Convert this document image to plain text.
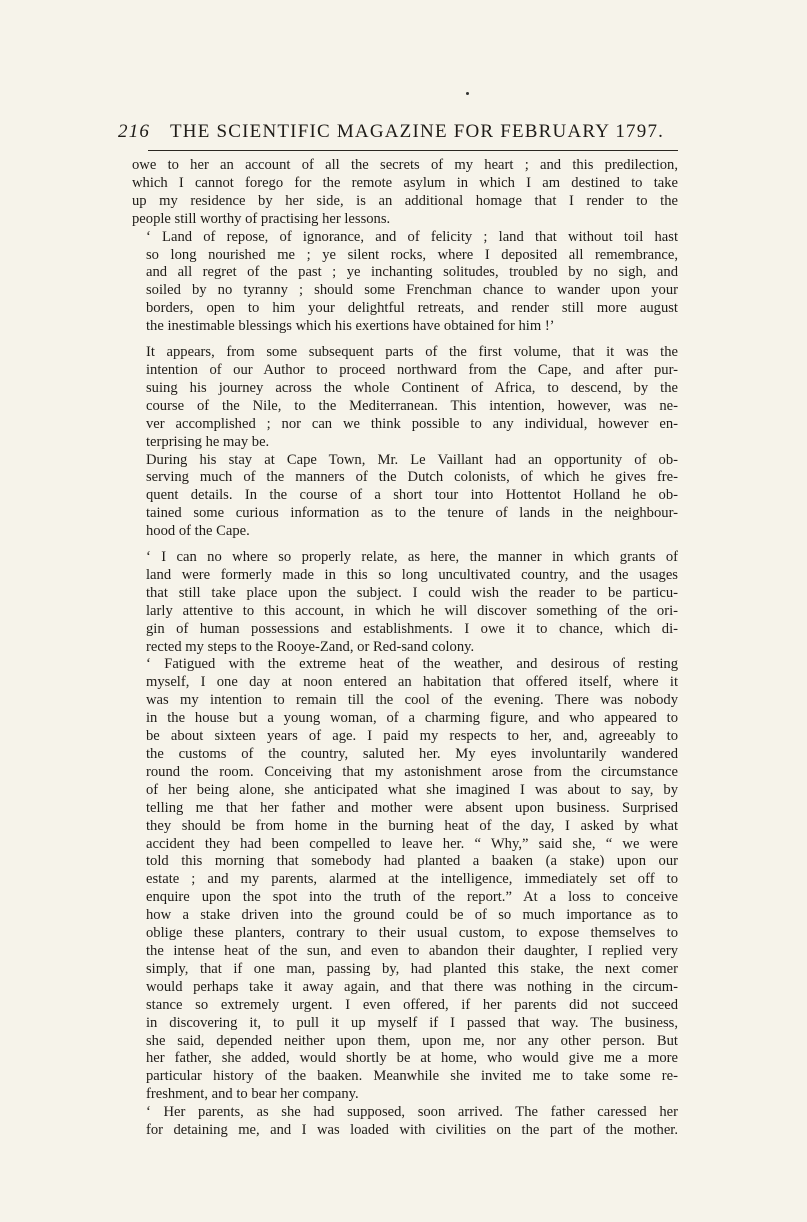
216 THE SCIENTIFIC MAGAZINE FOR FEBRUARY 1797.

owe to her an account of all the secrets of my heart ; and this predilection,
which I cannot forego for the remote asylum in which I am destined to take
up my residence by her side, is an additional homage that I render to the
people still worthy of practising her lessons.

‘ Land of repose, of ignorance, and of felicity ; land that without toil hast
so long nourished me ; ye silent rocks, where I deposited all remembrance,
and all regret of the past ; ye inchanting solitudes, troubled by no sigh, and
soiled by no tyranny ; should some Frenchman chance to wander upon your
borders, open to him your delightful retreats, and render still more august
the inestimable blessings which his exertions have obtained for him !’

It appears, from some subsequent parts of the first volume, that it was the
intention of our Author to proceed northward from the Cape, and after pur-
suing his journey across the whole Continent of Africa, to descend, by the
course of the Nile, to the Mediterranean. This intention, however, was ne-
ver accomplished ; nor can we think possible to any individual, however en-
terprising he may be.

During his stay at Cape Town, Mr. Le Vaillant had an opportunity of ob-
serving much of the manners of the Dutch colonists, of which he gives fre-
quent details. In the course of a short tour into Hottentot Holland he ob-
tained some curious information as to the tenure of lands in the neighbour-
hood of the Cape.

‘ I can no where so properly relate, as here, the manner in which grants of
land were formerly made in this so long uncultivated country, and the usages
that still take place upon the subject. I could wish the reader to be particu-
larly attentive to this account, in which he will discover something of the ori-
gin of human possessions and establishments. I owe it to chance, which di-
rected my steps to the Rooye-Zand, or Red-sand colony.

‘ Fatigued with the extreme heat of the weather, and desirous of resting
myself, I one day at noon entered an habitation that offered itself, where it
was my intention to remain till the cool of the evening. There was nobody
in the house but a young woman, of a charming figure, and who appeared to
be about sixteen years of age. I paid my respects to her, and, agreeably to
the customs of the country, saluted her. My eyes involuntarily wandered
round the room. Conceiving that my astonishment arose from the circumstance
of her being alone, she anticipated what she imagined I was about to say, by
telling me that her father and mother were absent upon business. Surprised
they should be from home in the burning heat of the day, I asked by what
accident they had been compelled to leave her. “ Why,” said she, “ we were
told this morning that somebody had planted a baaken (a stake) upon our
estate ; and my parents, alarmed at the intelligence, immediately set off to
enquire upon the spot into the truth of the report.” At a loss to conceive
how a stake driven into the ground could be of so much importance as to
oblige these planters, contrary to their usual custom, to expose themselves to
the intense heat of the sun, and even to abandon their daughter, I replied very
simply, that if one man, passing by, had planted this stake, the next comer
would perhaps take it away again, and that there was nothing in the circum-
stance so extremely urgent. I even offered, if her parents did not succeed
in discovering it, to pull it up myself if I passed that way. The business,
she said, depended neither upon them, upon me, nor any other person. But
her father, she added, would shortly be at home, who would give me a more
particular history of the baaken. Meanwhile she invited me to take some re-
freshment, and to bear her company.

‘ Her parents, as she had supposed, soon arrived. The father caressed her
for detaining me, and I was loaded with civilities on the part of the mother.
